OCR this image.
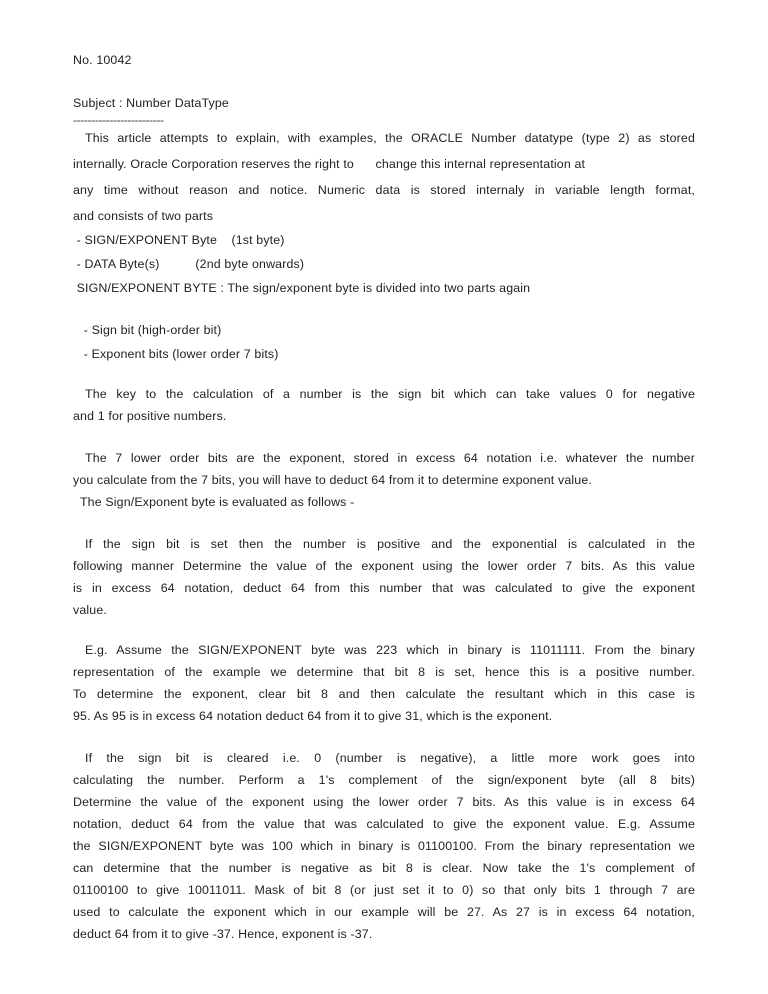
No. 10042
Subject : Number DataType
-------------------------
This article attempts to explain, with examples, the ORACLE Number datatype (type 2) as stored
internally. Oracle Corporation reserves the right to      change this internal representation at
any time without reason and notice. Numeric data is stored internaly in variable length format,
and consists of two parts
- SIGN/EXPONENT Byte    (1st byte)
- DATA Byte(s)          (2nd byte onwards)
SIGN/EXPONENT BYTE : The sign/exponent byte is divided into two parts again
- Sign bit (high-order bit)
- Exponent bits (lower order 7 bits)
The key to the calculation of a number is the sign bit which can take values 0 for negative
and 1 for positive numbers.
The 7 lower order bits are the exponent, stored in excess 64 notation i.e. whatever the number
you calculate from the 7 bits, you will have to deduct 64 from it to determine exponent value.
The Sign/Exponent byte is evaluated as follows -
If the sign bit is set then the number is positive and the exponential is calculated in the
following manner Determine the value of the exponent using the lower order 7 bits. As this value
is in excess 64 notation, deduct 64 from this number that was calculated to give the exponent
value.
E.g. Assume the SIGN/EXPONENT byte was 223 which in binary is 11011111. From the binary
representation of the example we determine that bit 8 is set, hence this is a positive number.
To determine the exponent, clear bit 8 and then calculate the resultant which in this case is
95. As 95 is in excess 64 notation deduct 64 from it to give 31, which is the exponent.
If the sign bit is cleared i.e. 0 (number is negative), a little more work goes into
calculating the number. Perform a 1's complement of the sign/exponent byte (all 8 bits)
Determine the value of the exponent using the lower order 7 bits. As this value is in excess 64
notation, deduct 64 from the value that was calculated to give the exponent value. E.g. Assume
the SIGN/EXPONENT byte was 100 which in binary is 01100100. From the binary representation we
can determine that the number is negative as bit 8 is clear. Now take the 1's complement of
01100100 to give 10011011. Mask of bit 8 (or just set it to 0) so that only bits 1 through 7 are
used to calculate the exponent which in our example will be 27. As 27 is in excess 64 notation,
deduct 64 from it to give -37. Hence, exponent is -37.
